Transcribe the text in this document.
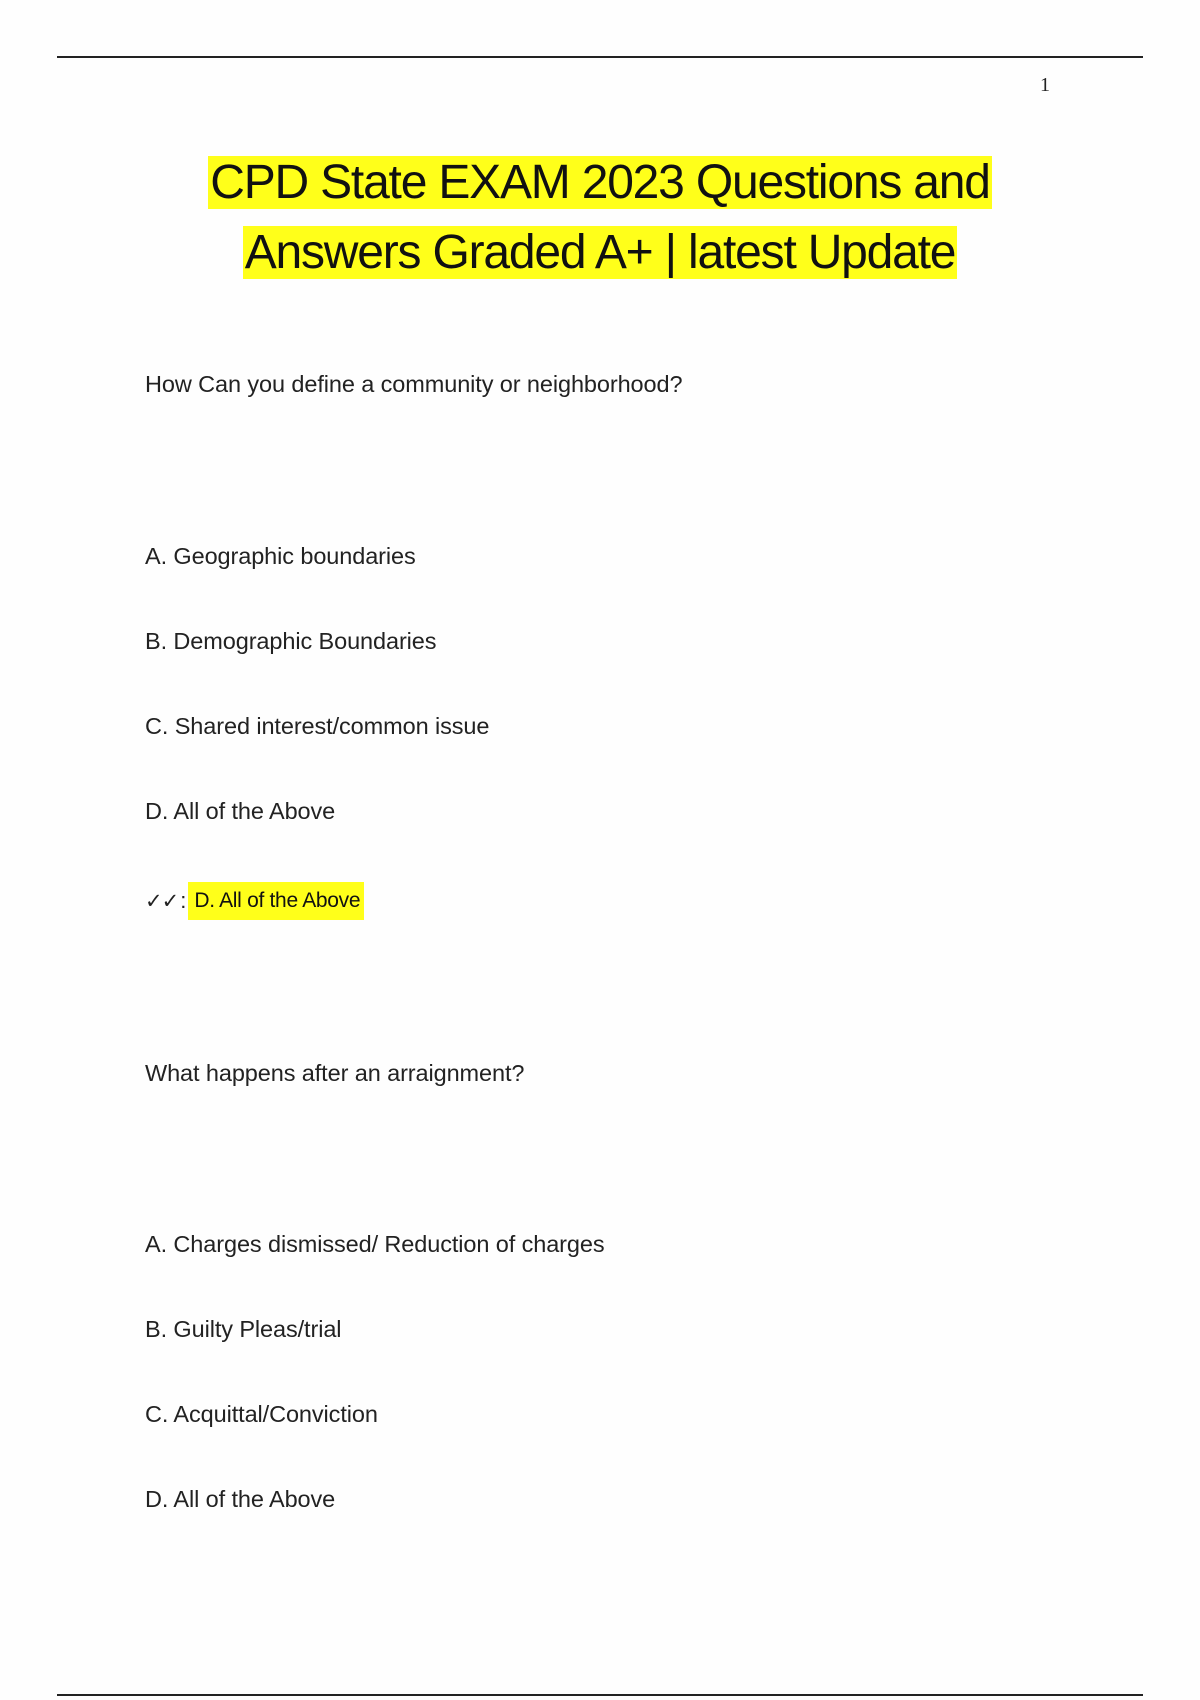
1
CPD State EXAM 2023 Questions and
Answers Graded A+ | latest Update
How Can you define a community or neighborhood?
A. Geographic boundaries
B. Demographic Boundaries
C. Shared interest/common issue
D. All of the Above
✓✓ : D. All of the Above
What happens after an arraignment?
A. Charges dismissed/ Reduction of charges
B. Guilty Pleas/trial
C. Acquittal/Conviction
D. All of the Above
